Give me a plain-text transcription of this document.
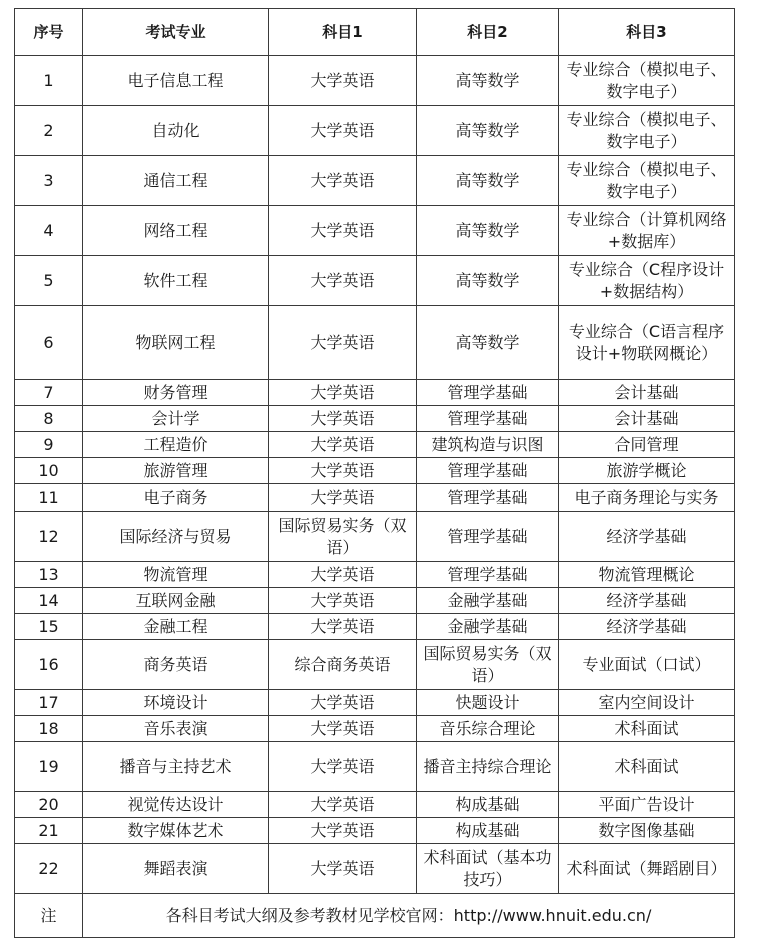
序号	考试专业	科目1	科目2	科目3
1	电子信息工程	大学英语	高等数学	专业综合（模拟电子、数字电子）
2	自动化	大学英语	高等数学	专业综合（模拟电子、数字电子）
3	通信工程	大学英语	高等数学	专业综合（模拟电子、数字电子）
4	网络工程	大学英语	高等数学	专业综合（计算机网络+数据库）
5	软件工程	大学英语	高等数学	专业综合（C程序设计+数据结构）
6	物联网工程	大学英语	高等数学	专业综合（C语言程序设计+物联网概论）
7	财务管理	大学英语	管理学基础	会计基础
8	会计学	大学英语	管理学基础	会计基础
9	工程造价	大学英语	建筑构造与识图	合同管理
10	旅游管理	大学英语	管理学基础	旅游学概论
11	电子商务	大学英语	管理学基础	电子商务理论与实务
12	国际经济与贸易	国际贸易实务（双语）	管理学基础	经济学基础
13	物流管理	大学英语	管理学基础	物流管理概论
14	互联网金融	大学英语	金融学基础	经济学基础
15	金融工程	大学英语	金融学基础	经济学基础
16	商务英语	综合商务英语	国际贸易实务（双语）	专业面试（口试）
17	环境设计	大学英语	快题设计	室内空间设计
18	音乐表演	大学英语	音乐综合理论	术科面试
19	播音与主持艺术	大学英语	播音主持综合理论	术科面试
20	视觉传达设计	大学英语	构成基础	平面广告设计
21	数字媒体艺术	大学英语	构成基础	数字图像基础
22	舞蹈表演	大学英语	术科面试（基本功技巧）	术科面试（舞蹈剧目）
注	各科目考试大纲及参考教材见学校官网：http://www.hnuit.edu.cn/			
